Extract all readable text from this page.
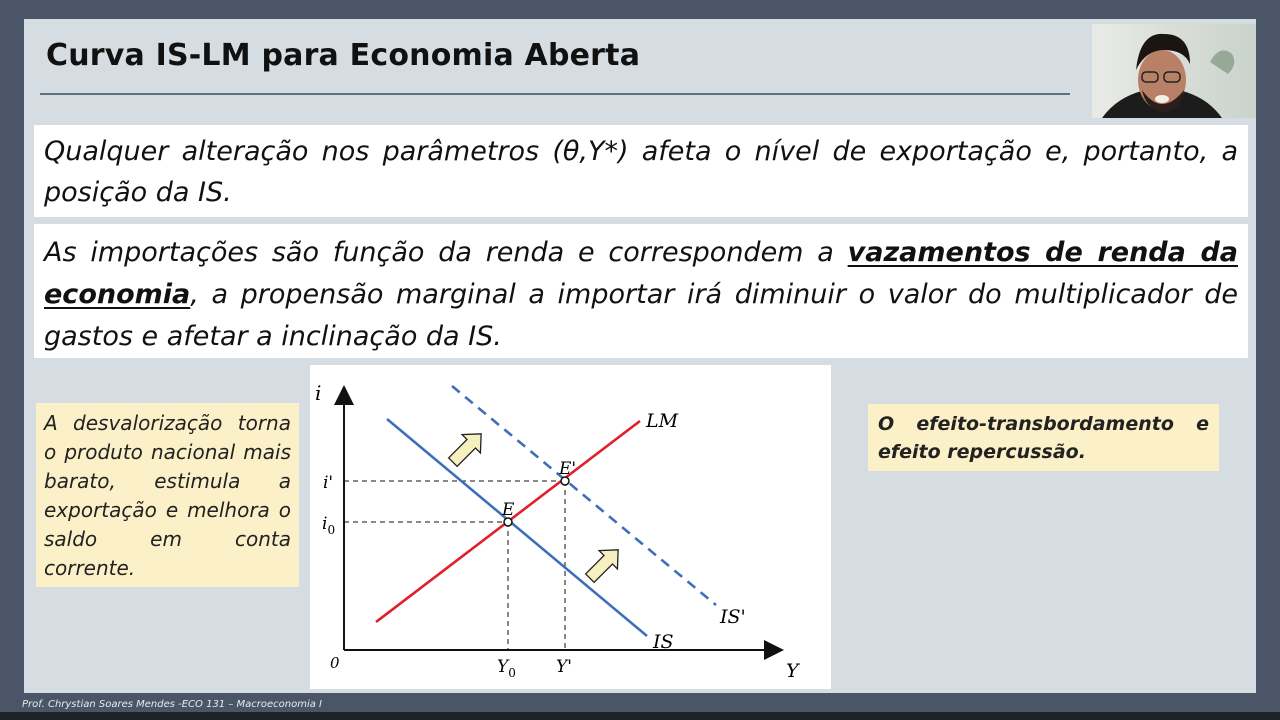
Curva IS-LM para Economia Aberta

Qualquer alteração nos parâmetros (θ,Y*) afeta o nível de exportação e, portanto, a posição da IS.

As importações são função da renda e correspondem a vazamentos de renda da economia, a propensão marginal a importar irá diminuir o valor do multiplicador de gastos e afetar a inclinação da IS.

A desvalorização torna o produto nacional mais barato, estimula a exportação e melhora o saldo em conta corrente.
O efeito-transbordamento e efeito repercussão.
i
Y
0
LM
IS
IS'
E
E'
$i_0$
i'
$Y_0$ Y'
Prof. Chrystian Soares Mendes -ECO 131 – Macroeconomia I
